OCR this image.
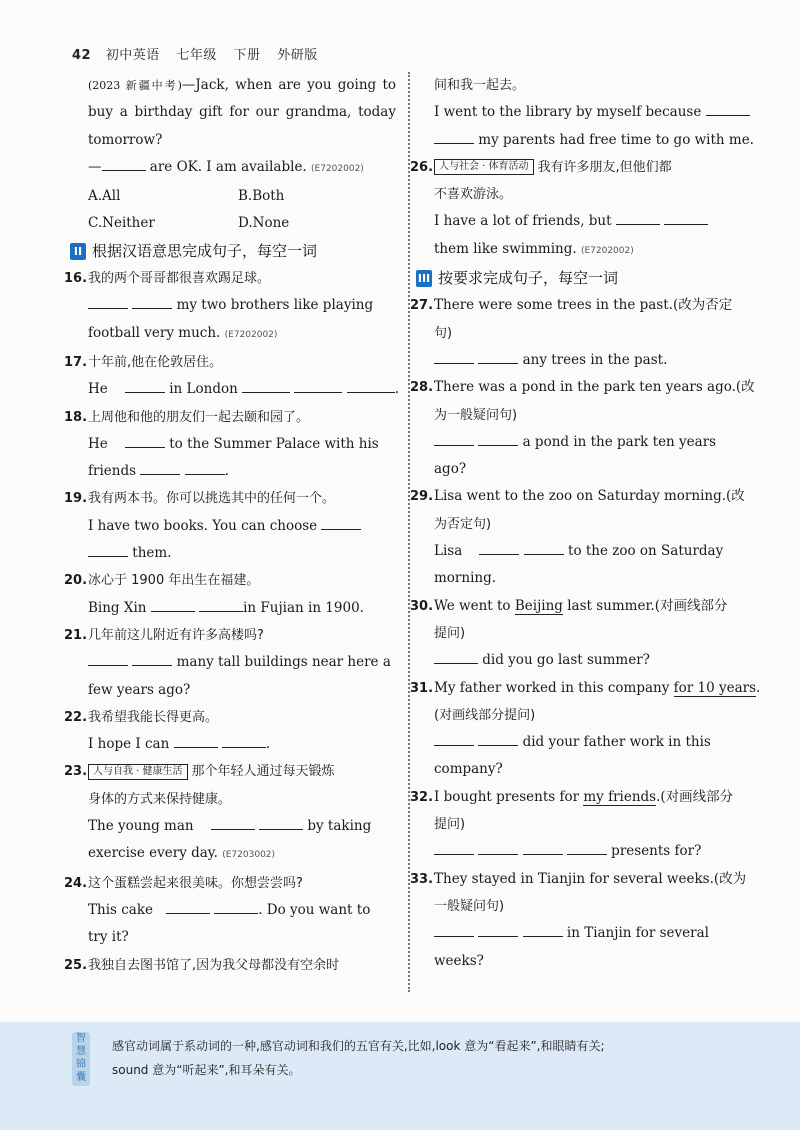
42 初中英语 七年级 下册 外研版
(2023 新疆中考)—Jack, when are you going to
buy a birthday gift for our grandma, today
tomorrow?
—	are OK. I am available. (E7202002)
A.All	B.Both
C.Neither	D.None
II 根据汉语意思完成句子，每空一词
16. 我的两个哥哥都很喜欢踢足球。
my two brothers like playing
football very much. (E7202002)
17. 十年前,他在伦敦居住。
He	in London	.
18. 上周他和他的朋友们一起去颐和园了。
He	to the Summer Palace with his
friends	.
19. 我有两本书。你可以挑选其中的任何一个。
I have two books. You can choose
them.
20. 冰心于 1900 年出生在福建。
Bing Xin	in Fujian in 1900.
21. 几年前这儿附近有许多高楼吗?
many tall buildings near here a
few years ago?
22. 我希望我能长得更高。
I hope I can	.
23. 人与自我 · 健康生活 那个年轻人通过每天锻炼
身体的方式来保持健康。
The young man	by taking
exercise every day. (E7203002)
24. 这个蛋糕尝起来很美味。你想尝尝吗?
This cake	. Do you want to
try it?
25. 我独自去图书馆了,因为我父母都没有空余时
间和我一起去。
I went to the library by myself because
my parents had free time to go with me.
26. 人与社会 · 体育活动 我有许多朋友,但他们都
不喜欢游泳。
I have a lot of friends, but
them like swimming. (E7202002)
III 按要求完成句子，每空一词
27. There were some trees in the past.(改为否定
句)
any trees in the past.
28. There was a pond in the park ten years ago.(改
为一般疑问句)
a pond in the park ten years
ago?
29. Lisa went to the zoo on Saturday morning.(改
为否定句)
Lisa	to the zoo on Saturday
morning.
30. We went to Beijing last summer.(对画线部分
提问)
did you go last summer?
31. My father worked in this company for 10 years.
(对画线部分提问)
did your father work in this
company?
32. I bought presents for my friends.(对画线部分
提问)
presents for?
33. They stayed in Tianjin for several weeks.(改为
一般疑问句)
in Tianjin for several
weeks?
智慧锦囊
感官动词属于系动词的一种,感官动词和我们的五官有关,比如,look 意为“看起来”,和眼睛有关;
sound 意为“听起来”,和耳朵有关。
